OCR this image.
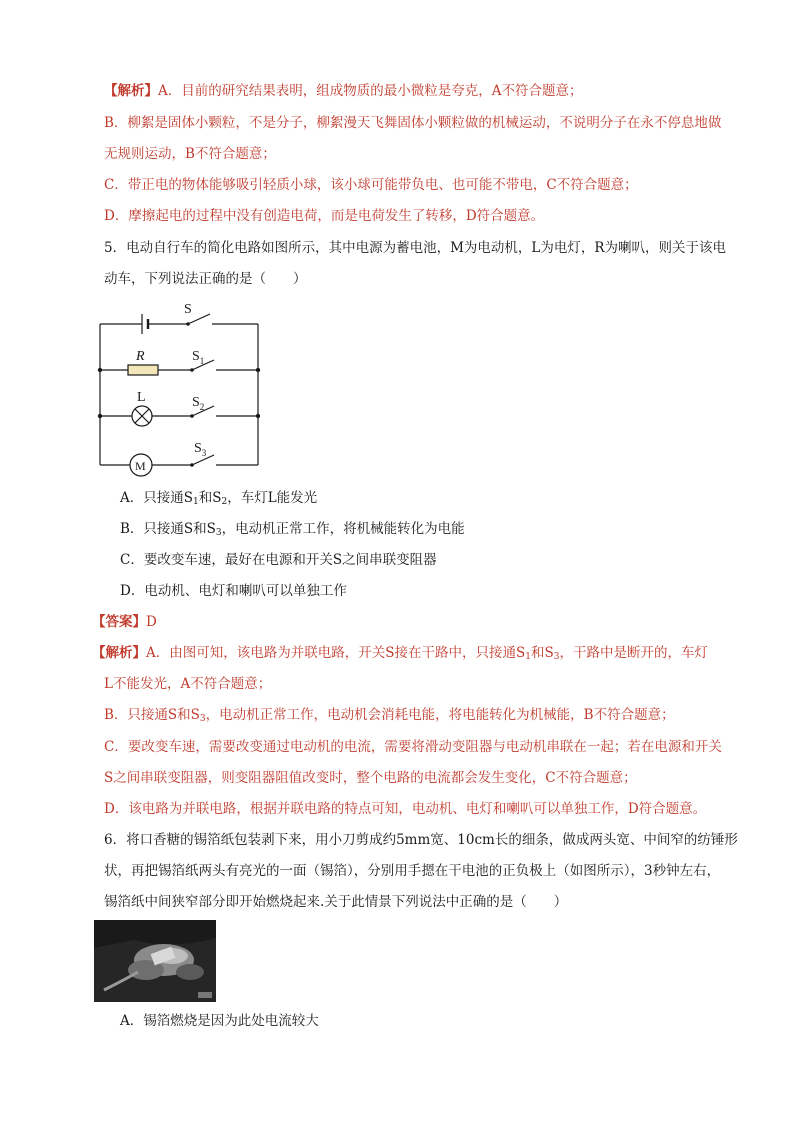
【解析】A．目前的研究结果表明，组成物质的最小微粒是夸克，A不符合题意；
B．柳絮是固体小颗粒，不是分子，柳絮漫天飞舞固体小颗粒做的机械运动，不说明分子在永不停息地做
无规则运动，B不符合题意；
C．带正电的物体能够吸引轻质小球，该小球可能带负电、也可能不带电，C不符合题意；
D．摩擦起电的过程中没有创造电荷，而是电荷发生了转移，D符合题意。
5．电动自行车的简化电路如图所示，其中电源为蓄电池，M为电动机，L为电灯，R为喇叭，则关于该电
动车，下列说法正确的是（　　）
S
R	$S_1$
L	$S_2$
M
$S_3$
A．只接通$S_1$和$S_2$，车灯L能发光
B．只接通S和$S_3$，电动机正常工作，将机械能转化为电能
C．要改变车速，最好在电源和开关S之间串联变阻器
D．电动机、电灯和喇叭可以单独工作
【答案】D
【解析】A．由图可知，该电路为并联电路，开关S接在干路中，只接通$S_1$和$S_3$，干路中是断开的，车灯
L不能发光，A不符合题意；
B．只接通S和$S_3$，电动机正常工作，电动机会消耗电能，将电能转化为机械能，B不符合题意；
C．要改变车速，需要改变通过电动机的电流，需要将滑动变阻器与电动机串联在一起；若在电源和开关
S之间串联变阻器，则变阻器阻值改变时，整个电路的电流都会发生变化，C不符合题意；
D．该电路为并联电路，根据并联电路的特点可知，电动机、电灯和喇叭可以单独工作，D符合题意。
6．将口香糖的锡箔纸包装剥下来，用小刀剪成约5mm宽、10cm长的细条，做成两头宽、中间窄的纺锤形
状，再把锡箔纸两头有亮光的一面（锡箔），分别用手摁在干电池的正负极上（如图所示），3秒钟左右，
锡箔纸中间狭窄部分即开始燃烧起来.关于此情景下列说法中正确的是（　　）
A．锡箔燃烧是因为此处电流较大
